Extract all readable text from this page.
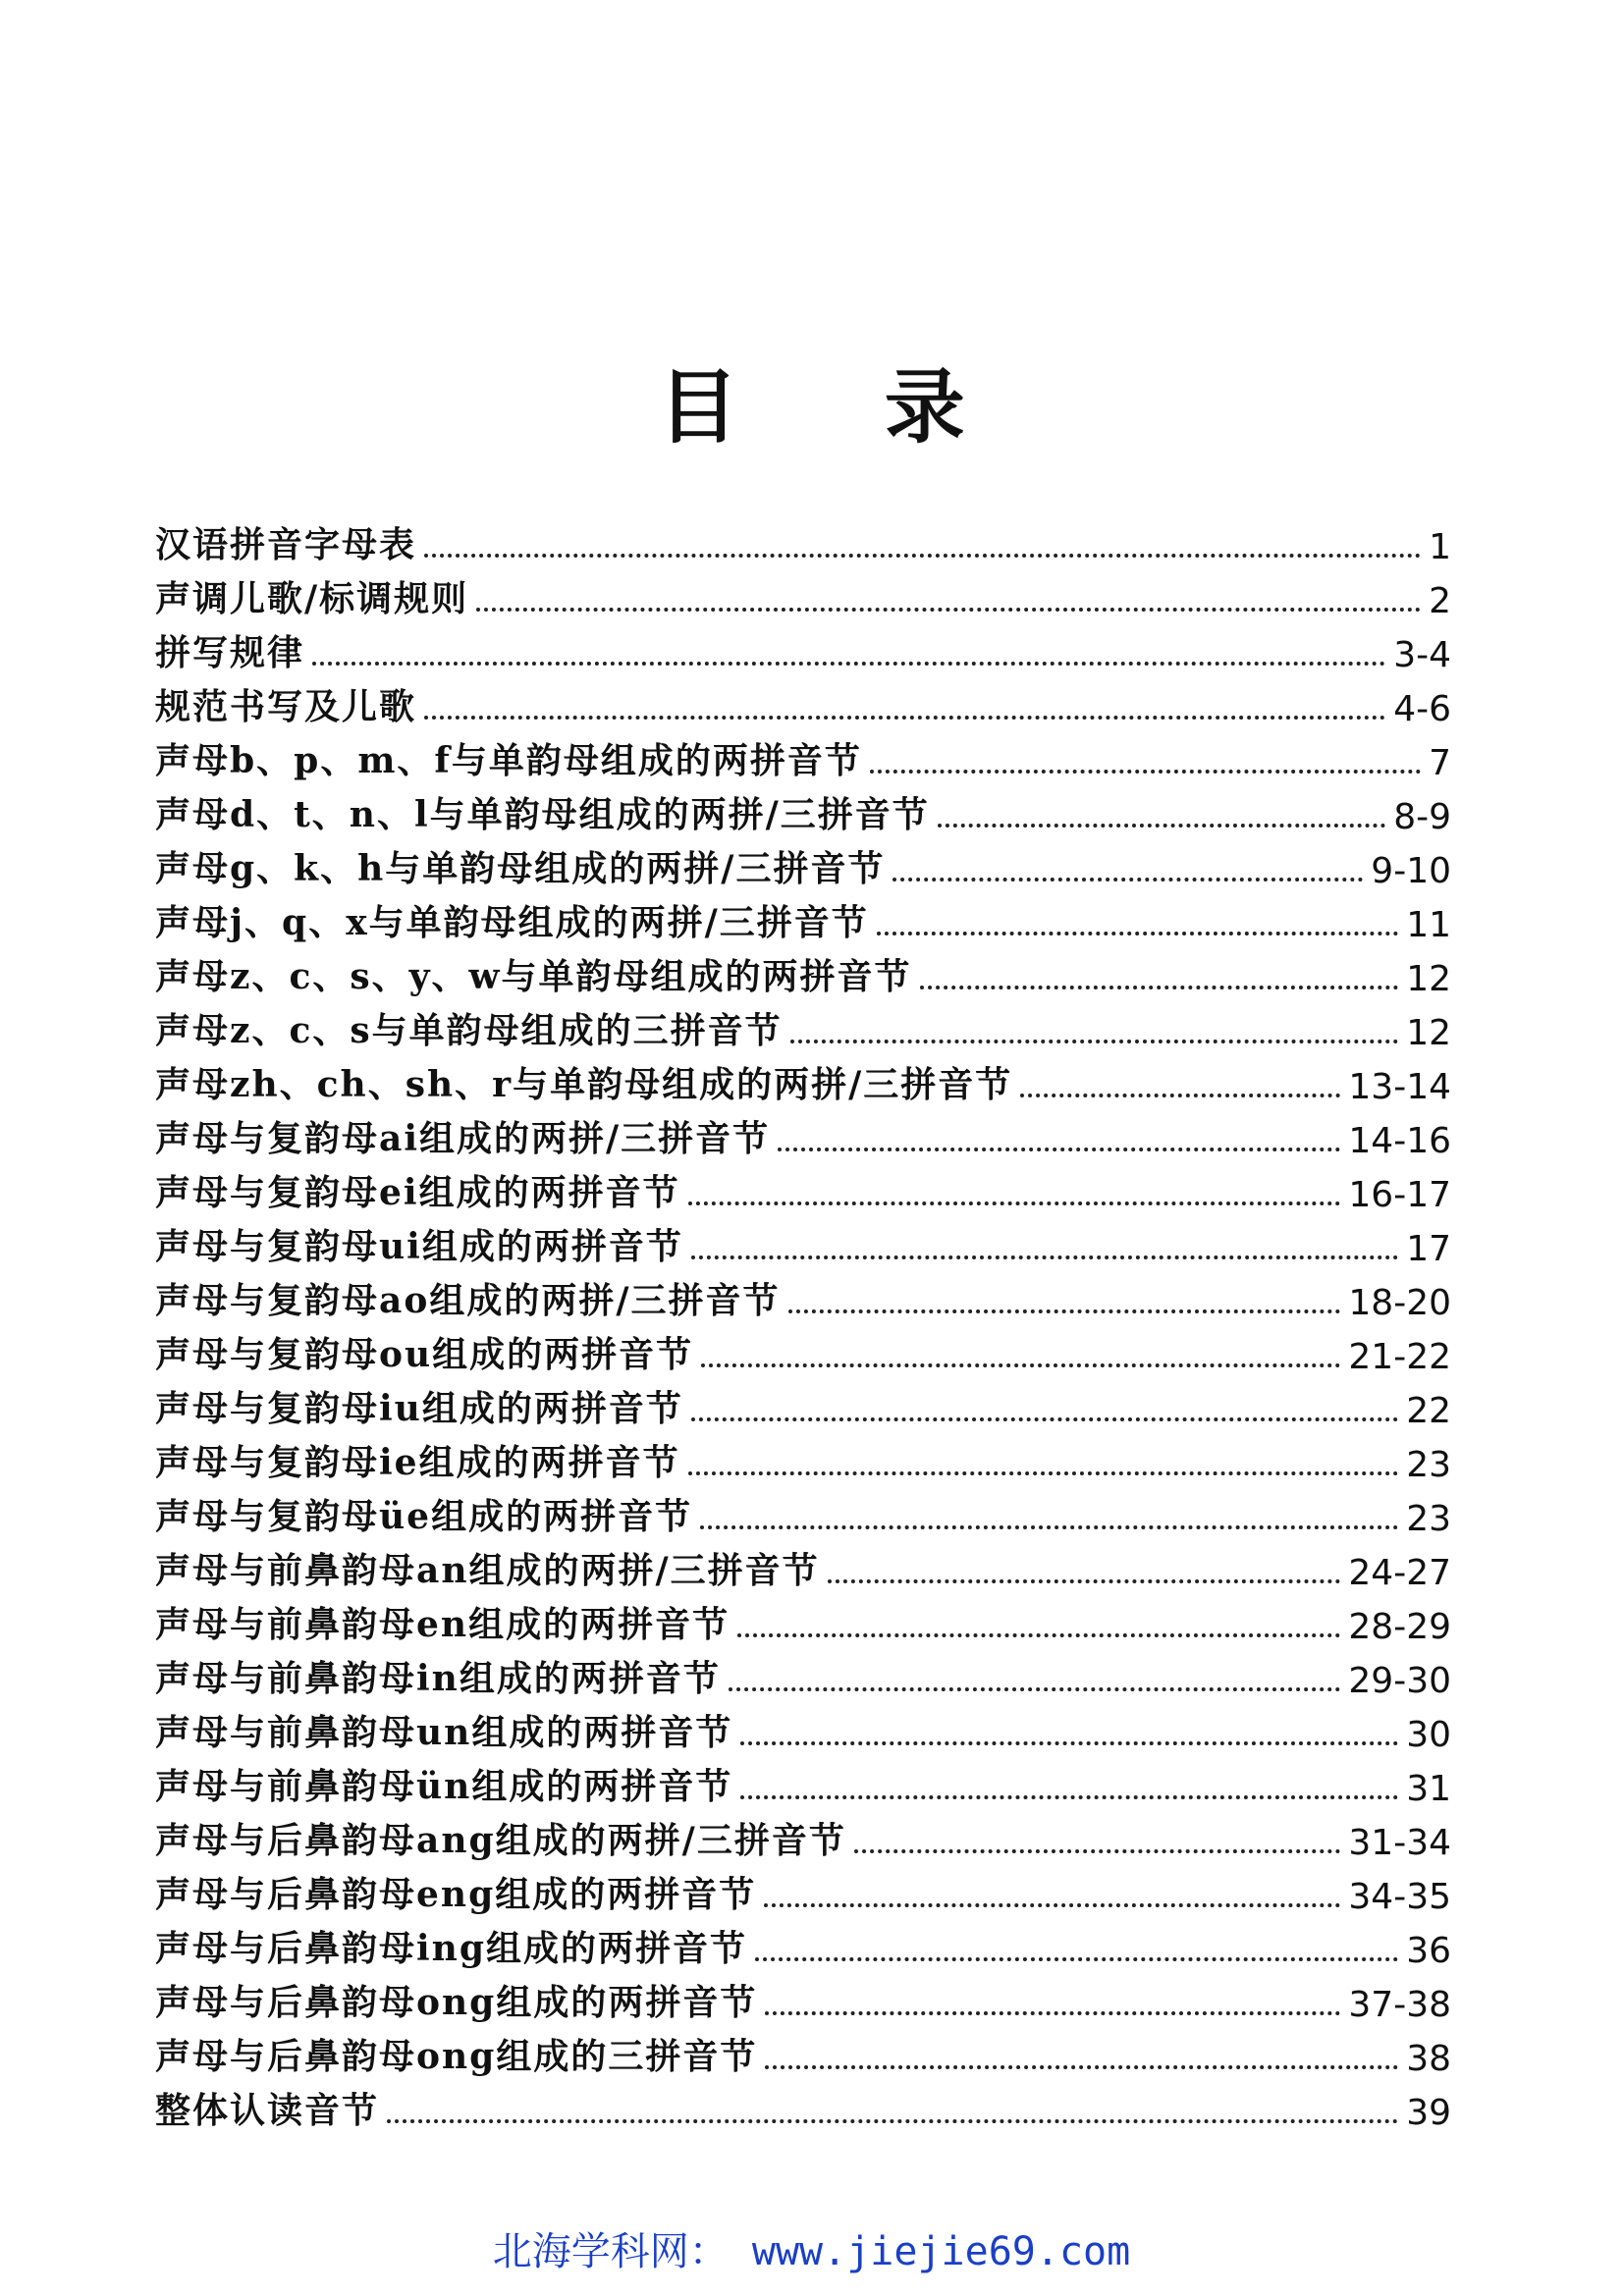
目 录
汉语拼音字母表	1
声调儿歌/标调规则	2
拼写规律	3-4
规范书写及儿歌	4-6
声母b、p、m、f与单韵母组成的两拼音节	7
声母d、t、n、l与单韵母组成的两拼/三拼音节	8-9
声母g、k、h与单韵母组成的两拼/三拼音节	9-10
声母j、q、x与单韵母组成的两拼/三拼音节	11
声母z、c、s、y、w与单韵母组成的两拼音节	12
声母z、c、s与单韵母组成的三拼音节	12
声母zh、ch、sh、r与单韵母组成的两拼/三拼音节	13-14
声母与复韵母ai组成的两拼/三拼音节	14-16
声母与复韵母ei组成的两拼音节	16-17
声母与复韵母ui组成的两拼音节	17
声母与复韵母ao组成的两拼/三拼音节	18-20
声母与复韵母ou组成的两拼音节	21-22
声母与复韵母iu组成的两拼音节	22
声母与复韵母ie组成的两拼音节	23
声母与复韵母üe组成的两拼音节	23
声母与前鼻韵母an组成的两拼/三拼音节	24-27
声母与前鼻韵母en组成的两拼音节	28-29
声母与前鼻韵母in组成的两拼音节	29-30
声母与前鼻韵母un组成的两拼音节	30
声母与前鼻韵母ün组成的两拼音节	31
声母与后鼻韵母ang组成的两拼/三拼音节	31-34
声母与后鼻韵母eng组成的两拼音节	34-35
声母与后鼻韵母ing组成的两拼音节	36
声母与后鼻韵母ong组成的两拼音节	37-38
声母与后鼻韵母ong组成的三拼音节	38
整体认读音节	39
北海学科网： www.jiejie69.com
